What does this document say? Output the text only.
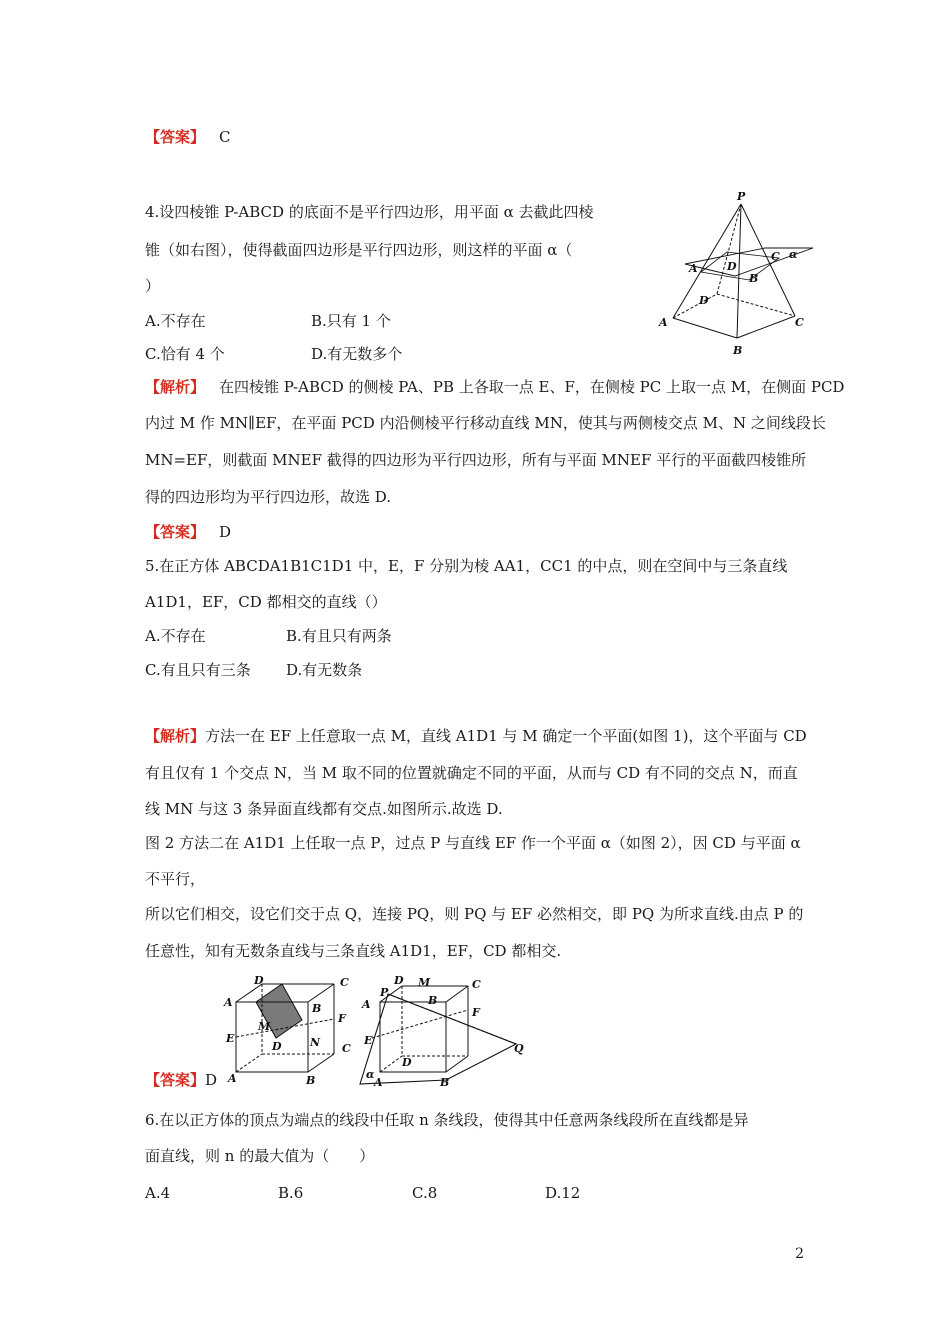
【答案】 C
4.设四棱锥 P-ABCD 的底面不是平行四边形，用平面 α 去截此四棱
锥（如右图），使得截面四边形是平行四边形，则这样的平面 α（
）
A.不存在	B.只有 1 个
C.恰有 4 个	D.有无数多个
【解析】 在四棱锥 P-ABCD 的侧棱 PA、PB 上各取一点 E、F，在侧棱 PC 上取一点 M，在侧面 PCD
内过 M 作 MN∥EF，在平面 PCD 内沿侧棱平行移动直线 MN，使其与两侧棱交点 M、N 之间线段长
MN=EF，则截面 MNEF 截得的四边形为平行四边形，所有与平面 MNEF 平行的平面截四棱锥所
得的四边形均为平行四边形，故选 D.
【答案】 D
P
A	D
C
B
α
D
A	C
B
5.在正方体 ABCDA1B1C1D1 中，E，F 分别为棱 AA1，CC1 的中点，则在空间中与三条直线
A1D1，EF，CD 都相交的直线（）
A.不存在	B.有且只有两条
C.有且只有三条 D.有无数条
【解析】方法一在 EF 上任意取一点 M，直线 A1D1 与 M 确定一个平面(如图 1)，这个平面与 CD
有且仅有 1 个交点 N，当 M 取不同的位置就确定不同的平面，从而与 CD 有不同的交点 N，而直
线 MN 与这 3 条异面直线都有交点.如图所示.故选 D.
图 2 方法二在 A1D1 上任取一点 P，过点 P 与直线 EF 作一个平面 α（如图 2），因 CD 与平面 α
不平行，
所以它们相交，设它们交于点 Q，连接 PQ，则 PQ 与 EF 必然相交，即 PQ 为所求直线.由点 P 的
任意性，知有无数条直线与三条直线 A1D1，EF，CD 都相交.
D	C
A	B
F
M
E
D	N C
A	B
D M	C
P
A	B
F
E
D
Q
α
A	B
【答案】D
6.在以正方体的顶点为端点的线段中任取 n 条线段，使得其中任意两条线段所在直线都是异
面直线，则 n 的最大值为（　　）
A.4	B.6	C.8	D.12
2
